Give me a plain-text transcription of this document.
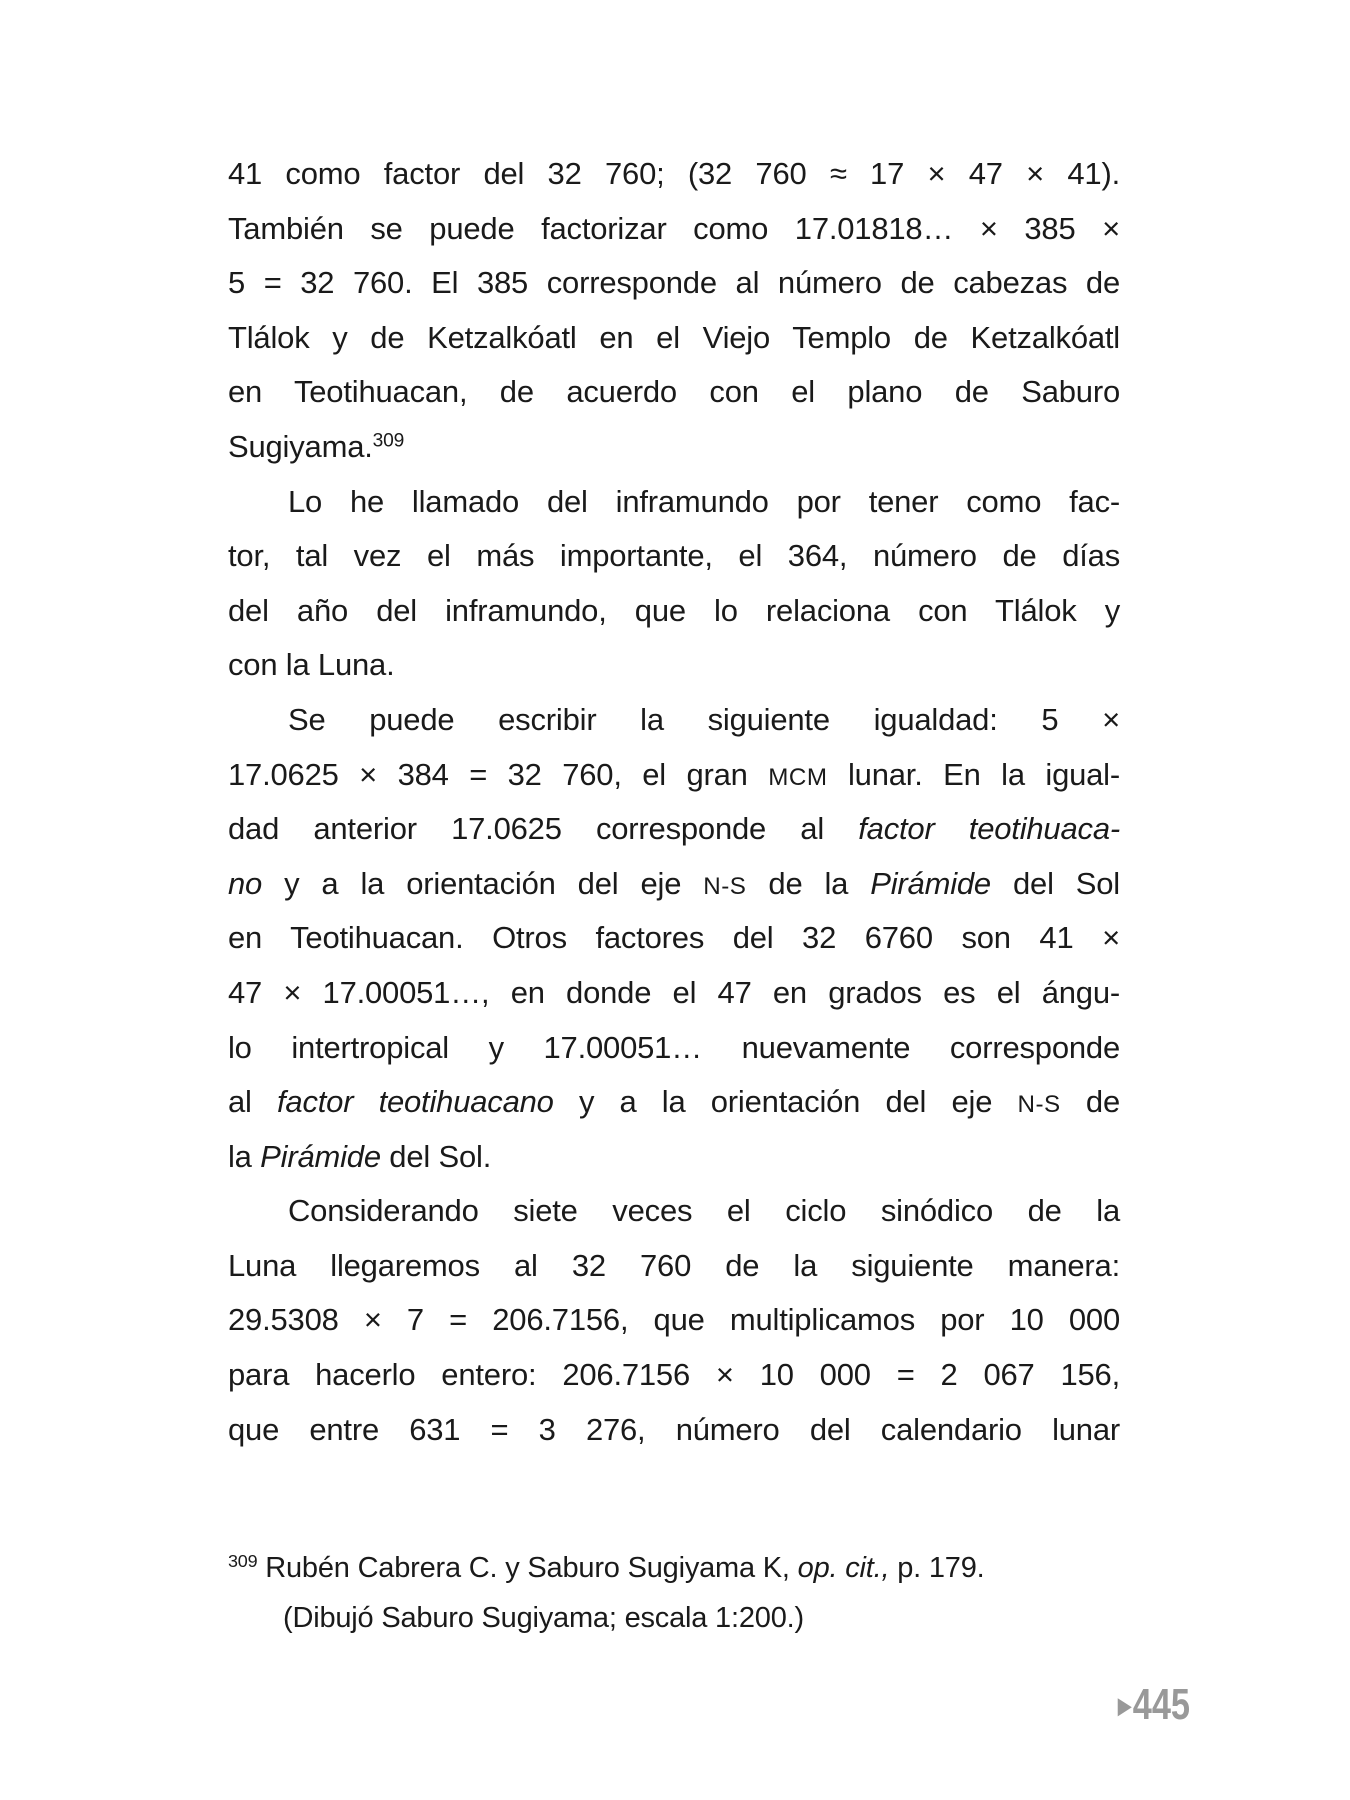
41 como factor del 32 760; (32 760 ≈ 17 × 47 × 41).
También se puede factorizar como 17.01818… × 385 ×
5 = 32 760. El 385 corresponde al número de cabezas de
Tlálok y de Ketzalkóatl en el Viejo Templo de Ketzalkóatl
en Teotihuacan, de acuerdo con el plano de Saburo
Sugiyama.$^{309}$
Lo he llamado del inframundo por tener como fac-
tor, tal vez el más importante, el 364, número de días
del año del inframundo, que lo relaciona con Tlálok y
con la Luna.
Se puede escribir la siguiente igualdad: 5 ×
17.0625 × 384 = 32 760, el gran MCM lunar. En la igual-
dad anterior 17.0625 corresponde al factor teotihuaca-
no y a la orientación del eje N-S de la Pirámide del Sol
en Teotihuacan. Otros factores del 32 6760 son 41 ×
47 × 17.00051…, en donde el 47 en grados es el ángu-
lo intertropical y 17.00051… nuevamente corresponde
al factor teotihuacano y a la orientación del eje N-S de
la Pirámide del Sol.
Considerando siete veces el ciclo sinódico de la
Luna llegaremos al 32 760 de la siguiente manera:
29.5308 × 7 = 206.7156, que multiplicamos por 10 000
para hacerlo entero: 206.7156 × 10 000 = 2 067 156,
que entre 631 = 3 276, número del calendario lunar
$^{309}$ Rubén Cabrera C. y Saburo Sugiyama K, op. cit., p. 179.
(Dibujó Saburo Sugiyama; escala 1:200.)
▶445
